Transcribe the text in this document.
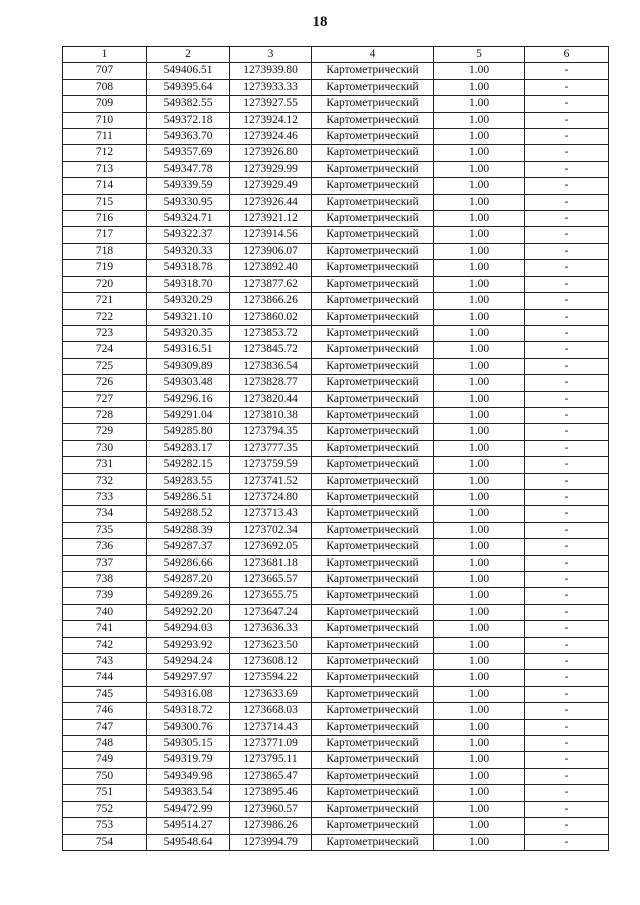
18
1	2	3	4	5	6
707	549406.51	1273939.80	Картометрический	1.00	-
708	549395.64	1273933.33	Картометрический	1.00	-
709	549382.55	1273927.55	Картометрический	1.00	-
710	549372.18	1273924.12	Картометрический	1.00	-
711	549363.70	1273924.46	Картометрический	1.00	-
712	549357.69	1273926.80	Картометрический	1.00	-
713	549347.78	1273929.99	Картометрический	1.00	-
714	549339.59	1273929.49	Картометрический	1.00	-
715	549330.95	1273926.44	Картометрический	1.00	-
716	549324.71	1273921.12	Картометрический	1.00	-
717	549322.37	1273914.56	Картометрический	1.00	-
718	549320.33	1273906.07	Картометрический	1.00	-
719	549318.78	1273892.40	Картометрический	1.00	-
720	549318.70	1273877.62	Картометрический	1.00	-
721	549320.29	1273866.26	Картометрический	1.00	-
722	549321.10	1273860.02	Картометрический	1.00	-
723	549320.35	1273853.72	Картометрический	1.00	-
724	549316.51	1273845.72	Картометрический	1.00	-
725	549309.89	1273836.54	Картометрический	1.00	-
726	549303.48	1273828.77	Картометрический	1.00	-
727	549296.16	1273820.44	Картометрический	1.00	-
728	549291.04	1273810.38	Картометрический	1.00	-
729	549285.80	1273794.35	Картометрический	1.00	-
730	549283.17	1273777.35	Картометрический	1.00	-
731	549282.15	1273759.59	Картометрический	1.00	-
732	549283.55	1273741.52	Картометрический	1.00	-
733	549286.51	1273724.80	Картометрический	1.00	-
734	549288.52	1273713.43	Картометрический	1.00	-
735	549288.39	1273702.34	Картометрический	1.00	-
736	549287.37	1273692.05	Картометрический	1.00	-
737	549286.66	1273681.18	Картометрический	1.00	-
738	549287.20	1273665.57	Картометрический	1.00	-
739	549289.26	1273655.75	Картометрический	1.00	-
740	549292.20	1273647.24	Картометрический	1.00	-
741	549294.03	1273636.33	Картометрический	1.00	-
742	549293.92	1273623.50	Картометрический	1.00	-
743	549294.24	1273608.12	Картометрический	1.00	-
744	549297.97	1273594.22	Картометрический	1.00	-
745	549316.08	1273633.69	Картометрический	1.00	-
746	549318.72	1273668.03	Картометрический	1.00	-
747	549300.76	1273714.43	Картометрический	1.00	-
748	549305.15	1273771.09	Картометрический	1.00	-
749	549319.79	1273795.11	Картометрический	1.00	-
750	549349.98	1273865.47	Картометрический	1.00	-
751	549383.54	1273895.46	Картометрический	1.00	-
752	549472.99	1273960.57	Картометрический	1.00	-
753	549514.27	1273986.26	Картометрический	1.00	-
754	549548.64	1273994.79	Картометрический	1.00	-
